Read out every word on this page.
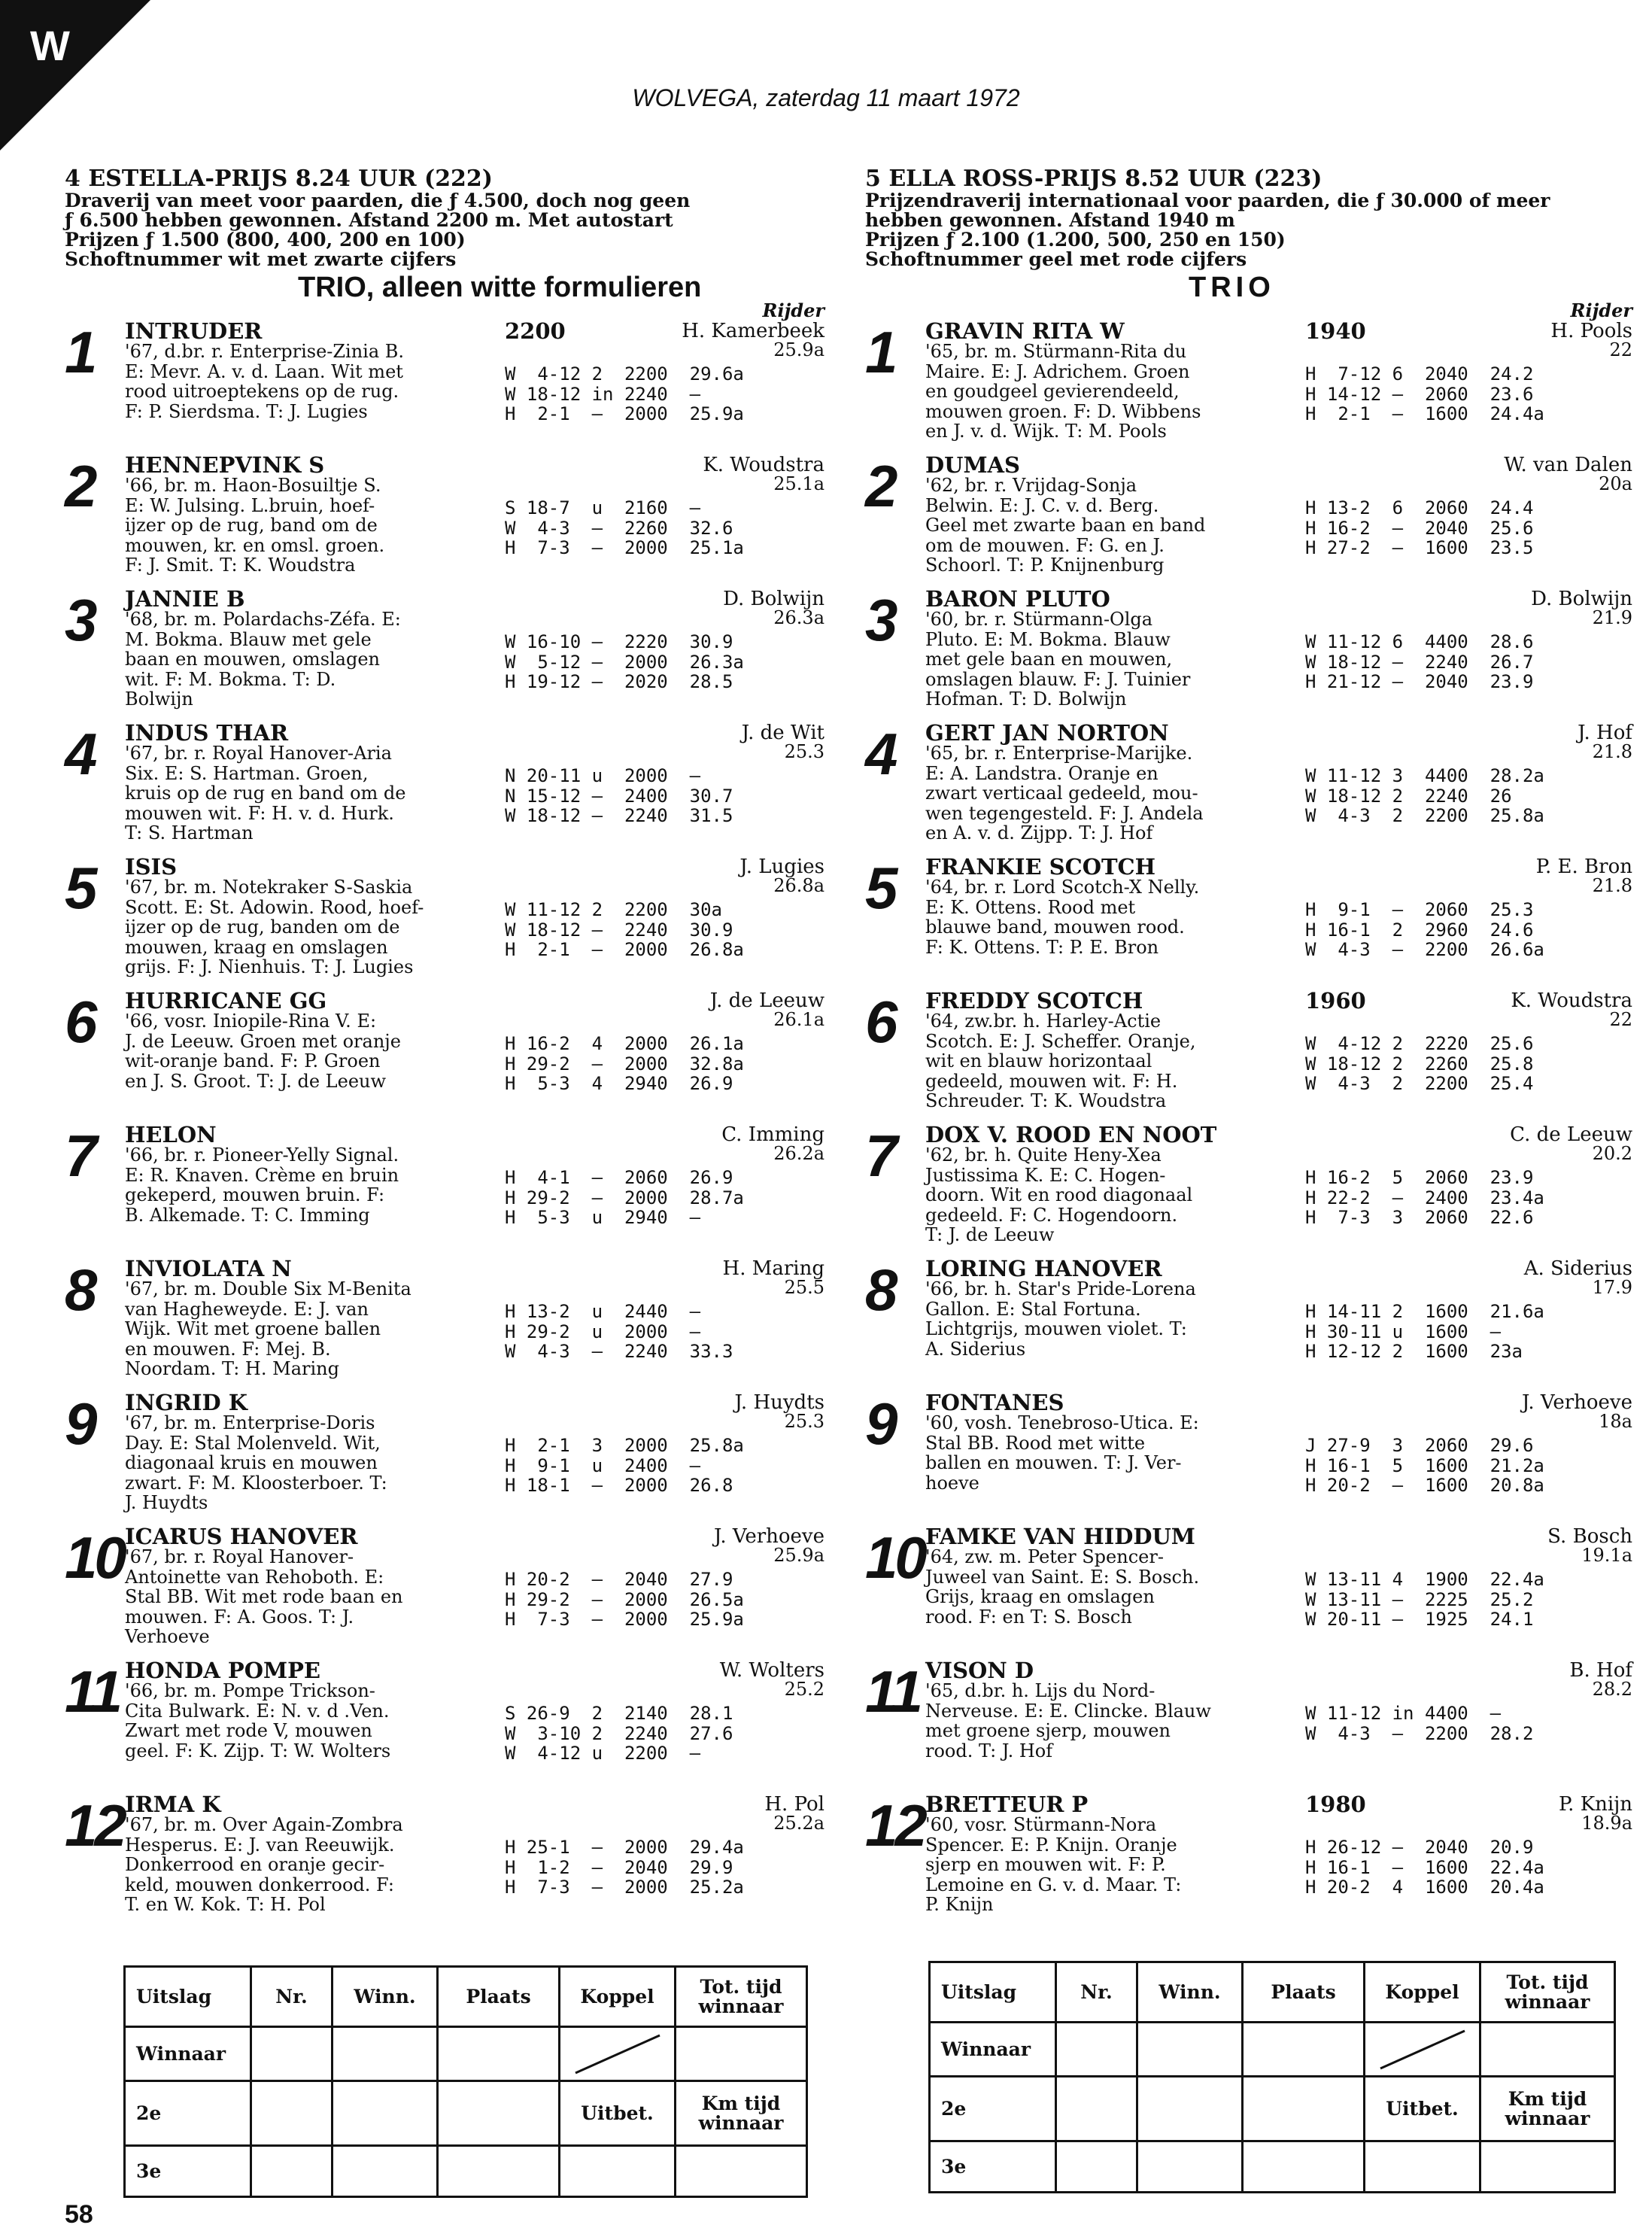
W
WOLVEGA, zaterdag 11 maart 1972
4 ESTELLA-PRIJS 8.24 UUR (222)
Draverij van meet voor paarden, die ƒ 4.500, doch nog geen
ƒ 6.500 hebben gewonnen. Afstand 2200 m. Met autostart
Prijzen ƒ 1.500 (800, 400, 200 en 100)
Schoftnummer wit met zwarte cijfers
TRIO, alleen witte formulieren
Rijder
1	INTRUDER	2200	H. Kamerbeek
25.9a
'67, d.br. r. Enterprise-Zinia B.
E: Mevr. A. v. d. Laan. Wit met
rood uitroeptekens op de rug.
F: P. Sierdsma. T: J. Lugies
W  4-12 2  2200  29.6a
W 18-12 in 2240  —
H  2-1  —  2000  25.9a
2	HENNEPVINK S	K. Woudstra
25.1a
'66, br. m. Haon-Bosuiltje S.
E: W. Julsing. L.bruin, hoef-
ijzer op de rug, band om de
mouwen, kr. en omsl. groen.
F: J. Smit. T: K. Woudstra
S 18-7  u  2160  —
W  4-3  —  2260  32.6
H  7-3  —  2000  25.1a
3	JANNIE B	D. Bolwijn
26.3a
'68, br. m. Polardachs-Zéfa. E:
M. Bokma. Blauw met gele
baan en mouwen, omslagen
wit. F: M. Bokma. T: D.
Bolwijn
W 16-10 —  2220  30.9
W  5-12 —  2000  26.3a
H 19-12 —  2020  28.5
4	INDUS THAR	J. de Wit
25.3
'67, br. r. Royal Hanover-Aria
Six. E: S. Hartman. Groen,
kruis op de rug en band om de
mouwen wit. F: H. v. d. Hurk.
T: S. Hartman
N 20-11 u  2000  —
N 15-12 —  2400  30.7
W 18-12 —  2240  31.5
5	ISIS	J. Lugies
26.8a
'67, br. m. Notekraker S-Saskia
Scott. E: St. Adowin. Rood, hoef-
ijzer op de rug, banden om de
mouwen, kraag en omslagen
grijs. F: J. Nienhuis. T: J. Lugies
W 11-12 2  2200  30a
W 18-12 —  2240  30.9
H  2-1  —  2000  26.8a
6	HURRICANE GG	J. de Leeuw
26.1a
'66, vosr. Iniopile-Rina V. E:
J. de Leeuw. Groen met oranje
wit-oranje band. F: P. Groen
en J. S. Groot. T: J. de Leeuw
H 16-2  4  2000  26.1a
H 29-2  —  2000  32.8a
H  5-3  4  2940  26.9
7	HELON	C. Imming
26.2a
'66, br. r. Pioneer-Yelly Signal.
E: R. Knaven. Crème en bruin
gekeperd, mouwen bruin. F:
B. Alkemade. T: C. Imming
H  4-1  —  2060  26.9
H 29-2  —  2000  28.7a
H  5-3  u  2940  —
8	INVIOLATA N	H. Maring
25.5
'67, br. m. Double Six M-Benita
van Hagheweyde. E: J. van
Wijk. Wit met groene ballen
en mouwen. F: Mej. B.
Noordam. T: H. Maring
H 13-2  u  2440  —
H 29-2  u  2000  —
W  4-3  —  2240  33.3
9	INGRID K	J. Huydts
25.3
'67, br. m. Enterprise-Doris
Day. E: Stal Molenveld. Wit,
diagonaal kruis en mouwen
zwart. F: M. Kloosterboer. T:
J. Huydts
H  2-1  3  2000  25.8a
H  9-1  u  2400  —
H 18-1  —  2000  26.8
10 ICARUS HANOVER	J. Verhoeve
25.9a
'67, br. r. Royal Hanover-
Antoinette van Rehoboth. E:
Stal BB. Wit met rode baan en
mouwen. F: A. Goos. T: J.
Verhoeve
H 20-2  —  2040  27.9
H 29-2  —  2000  26.5a
H  7-3  —  2000  25.9a
11 HONDA POMPE	W. Wolters
25.2
'66, br. m. Pompe Trickson-
Cita Bulwark. E: N. v. d .Ven.
Zwart met rode V, mouwen
geel. F: K. Zijp. T: W. Wolters
S 26-9  2  2140  28.1
W  3-10 2  2240  27.6
W  4-12 u  2200  —
12 IRMA K	H. Pol
25.2a
'67, br. m. Over Again-Zombra
Hesperus. E: J. van Reeuwijk.
Donkerrood en oranje gecir-
keld, mouwen donkerrood. F:
T. en W. Kok. T: H. Pol
H 25-1  —  2000  29.4a
H  1-2  —  2040  29.9
H  7-3  —  2000  25.2a
5 ELLA ROSS-PRIJS 8.52 UUR (223)
Prijzendraverij internationaal voor paarden, die ƒ 30.000 of meer
hebben gewonnen. Afstand 1940 m
Prijzen ƒ 2.100 (1.200, 500, 250 en 150)
Schoftnummer geel met rode cijfers
TRIO
Rijder
1	GRAVIN RITA W	1940	H. Pools
22
'65, br. m. Stürmann-Rita du
Maire. E: J. Adrichem. Groen
en goudgeel gevierendeeld,
mouwen groen. F: D. Wibbens
en J. v. d. Wijk. T: M. Pools
H  7-12 6  2040  24.2
H 14-12 —  2060  23.6
H  2-1  —  1600  24.4a
2	DUMAS	W. van Dalen
20a
'62, br. r. Vrijdag-Sonja
Belwin. E: J. C. v. d. Berg.
Geel met zwarte baan en band
om de mouwen. F: G. en J.
Schoorl. T: P. Knijnenburg
H 13-2  6  2060  24.4
H 16-2  —  2040  25.6
H 27-2  —  1600  23.5
3	BARON PLUTO	D. Bolwijn
21.9
'60, br. r. Stürmann-Olga
Pluto. E: M. Bokma. Blauw
met gele baan en mouwen,
omslagen blauw. F: J. Tuinier
Hofman. T: D. Bolwijn
W 11-12 6  4400  28.6
W 18-12 —  2240  26.7
H 21-12 —  2040  23.9
4	GERT JAN NORTON	J. Hof
21.8
'65, br. r. Enterprise-Marijke.
E: A. Landstra. Oranje en
zwart verticaal gedeeld, mou-
wen tegengesteld. F: J. Andela
en A. v. d. Zijpp. T: J. Hof
W 11-12 3  4400  28.2a
W 18-12 2  2240  26
W  4-3  2  2200  25.8a
5	FRANKIE SCOTCH	P. E. Bron
21.8
'64, br. r. Lord Scotch-X Nelly.
E: K. Ottens. Rood met
blauwe band, mouwen rood.
F: K. Ottens. T: P. E. Bron
H  9-1  —  2060  25.3
H 16-1  2  2960  24.6
W  4-3  —  2200  26.6a
6	FREDDY SCOTCH	1960	K. Woudstra
22
'64, zw.br. h. Harley-Actie
Scotch. E: J. Scheffer. Oranje,
wit en blauw horizontaal
gedeeld, mouwen wit. F: H.
Schreuder. T: K. Woudstra
W  4-12 2  2220  25.6
W 18-12 2  2260  25.8
W  4-3  2  2200  25.4
7	DOX V. ROOD EN NOOT	C. de Leeuw
20.2
'62, br. h. Quite Heny-Xea
Justissima K. E: C. Hogen-
doorn. Wit en rood diagonaal
gedeeld. F: C. Hogendoorn.
T: J. de Leeuw
H 16-2  5  2060  23.9
H 22-2  —  2400  23.4a
H  7-3  3  2060  22.6
8	LORING HANOVER	A. Siderius
17.9
'66, br. h. Star's Pride-Lorena
Gallon. E: Stal Fortuna.
Lichtgrijs, mouwen violet. T:
A. Siderius
H 14-11 2  1600  21.6a
H 30-11 u  1600  —
H 12-12 2  1600  23a
9	FONTANES	J. Verhoeve
18a
'60, vosh. Tenebroso-Utica. E:
Stal BB. Rood met witte
ballen en mouwen. T: J. Ver-
hoeve
J 27-9  3  2060  29.6
H 16-1  5  1600  21.2a
H 20-2  —  1600  20.8a
10 FAMKE VAN HIDDUM	S. Bosch
19.1a
'64, zw. m. Peter Spencer-
Juweel van Saint. E: S. Bosch.
Grijs, kraag en omslagen
rood. F: en T: S. Bosch
W 13-11 4  1900  22.4a
W 13-11 —  2225  25.2
W 20-11 —  1925  24.1
11 VISON D	B. Hof
28.2
'65, d.br. h. Lijs du Nord-
Nerveuse. E: E. Clincke. Blauw
met groene sjerp, mouwen
rood. T: J. Hof
W 11-12 in 4400  —
W  4-3  —  2200  28.2
12 BRETTEUR P	1980	P. Knijn
18.9a
'60, vosr. Stürmann-Nora
Spencer. E: P. Knijn. Oranje
sjerp en mouwen wit. F: P.
Lemoine en G. v. d. Maar. T:
P. Knijn
H 26-12 —  2040  20.9
H 16-1  —  1600  22.4a
H 20-2  4  1600  20.4a
Uitslag	Nr.	Winn.	Plaats	Koppel	Tot. tijd
winnaar
Winnaar				

2e				Uitbet.	Km tijd
winnaar
3e					
Uitslag	Nr.	Winn.	Plaats	Koppel	Tot. tijd
winnaar
Winnaar				

2e				Uitbet.	Km tijd
winnaar
3e					
58
